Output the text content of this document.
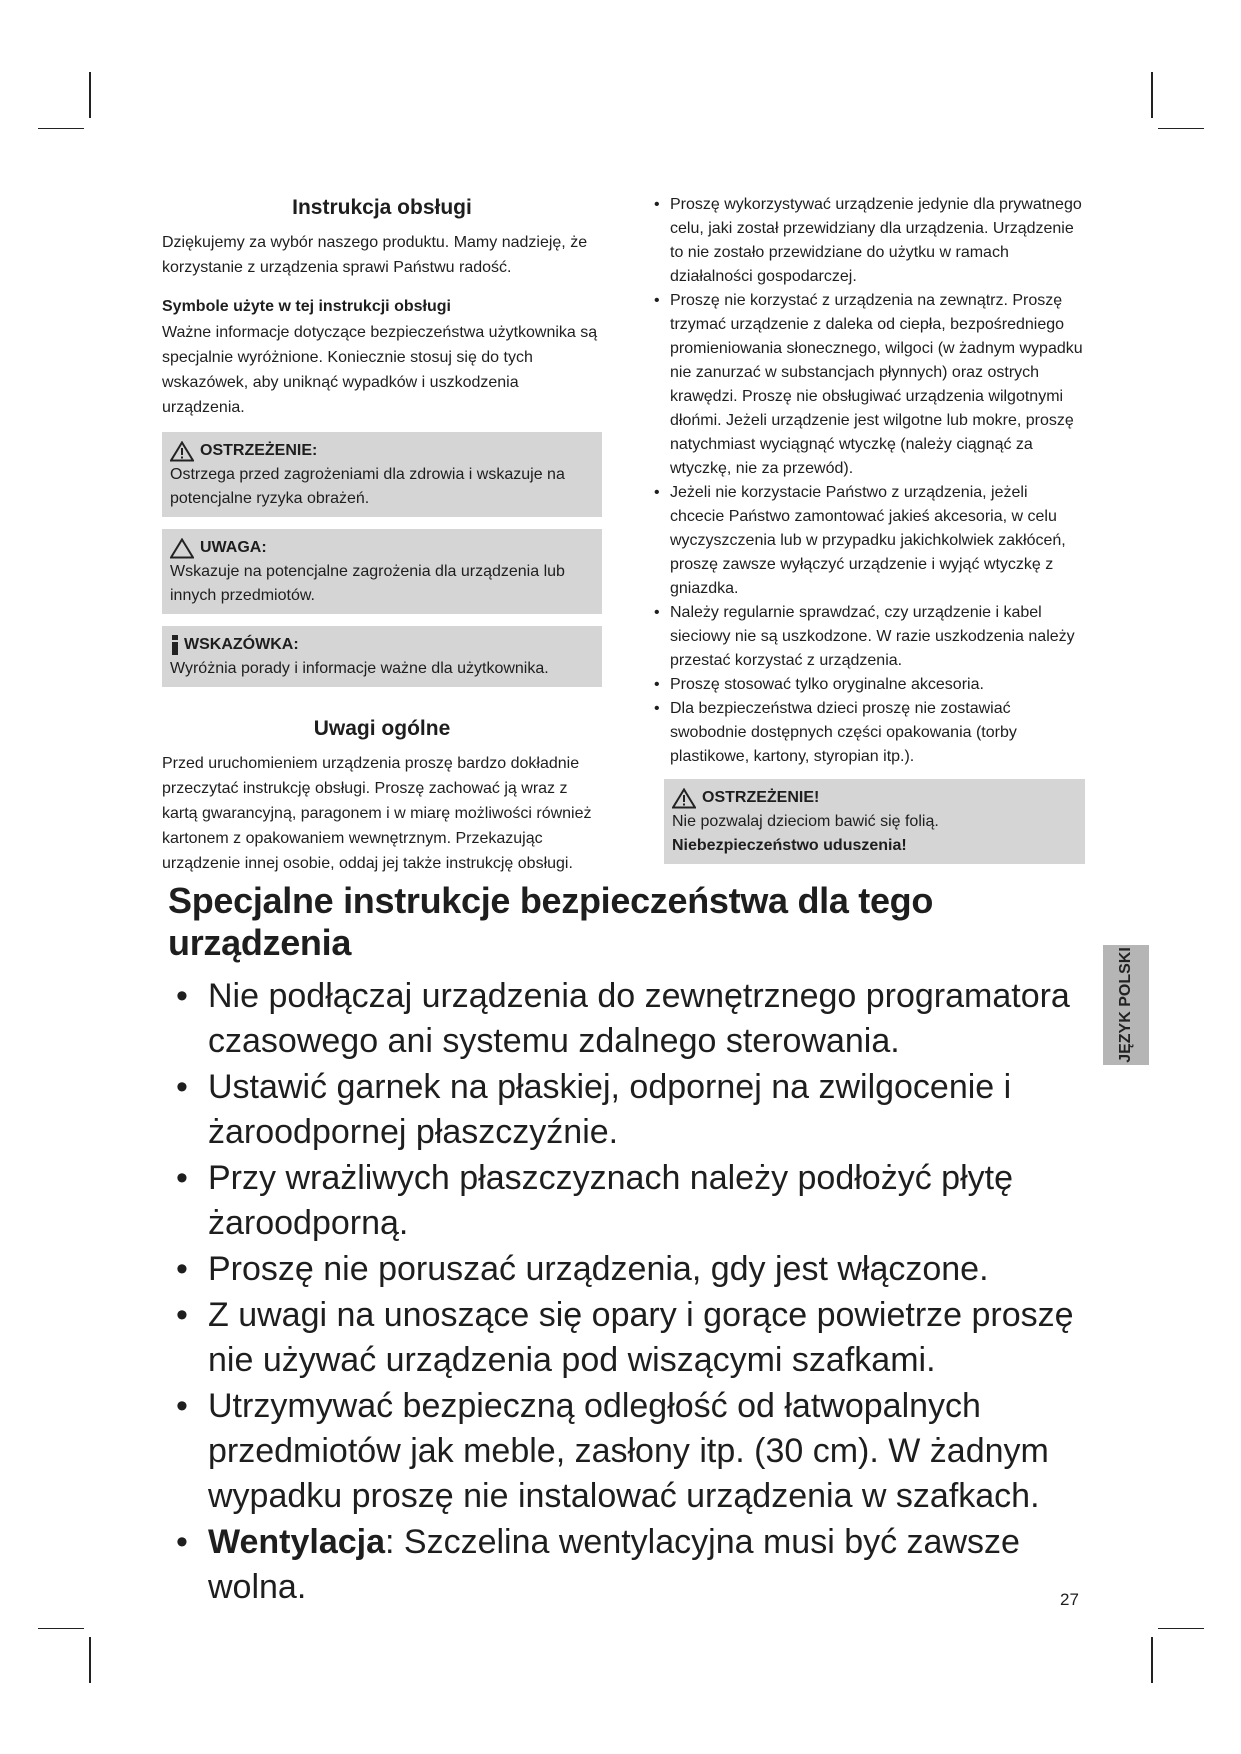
Instrukcja obsługi

Dziękujemy za wybór naszego produktu. Mamy nadzieję, że korzystanie z urządzenia sprawi Państwu radość.

Symbole użyte w tej instrukcji obsługi

Ważne informacje dotyczące bezpieczeństwa użytkownika są specjalnie wyróżnione. Koniecznie stosuj się do tych wskazówek, aby uniknąć wypadków i uszkodzenia urządzenia.

OSTRZEŻENIE:
Ostrzega przed zagrożeniami dla zdrowia i wskazuje na potencjalne ryzyka obrażeń.
UWAGA:
Wskazuje na potencjalne zagrożenia dla urządzenia lub innych przedmiotów.
WSKAZÓWKA:
Wyróżnia porady i informacje ważne dla użytkownika.
Uwagi ogólne

Przed uruchomieniem urządzenia proszę bardzo dokładnie przeczytać instrukcję obsługi. Proszę zachować ją wraz z kartą gwarancyjną, paragonem i w miarę możliwości również kartonem z opakowaniem wewnętrznym. Przekazując urządzenie innej osobie, oddaj jej także instrukcję obsługi.

• Proszę wykorzystywać urządzenie jedynie dla prywatnego celu, jaki został przewidziany dla urządzenia. Urządzenie to nie zostało przewidziane do użytku w ramach działalności gospodarczej.
• Proszę nie korzystać z urządzenia na zewnątrz. Proszę trzymać urządzenie z daleka od ciepła, bezpośredniego promieniowania słonecznego, wilgoci (w żadnym wypadku nie zanurzać w substancjach płynnych) oraz ostrych krawędzi. Proszę nie obsługiwać urządzenia wilgotnymi dłońmi. Jeżeli urządzenie jest wilgotne lub mokre, proszę natychmiast wyciągnąć wtyczkę (należy ciągnąć za wtyczkę, nie za przewód).
• Jeżeli nie korzystacie Państwo z urządzenia, jeżeli chcecie Państwo zamontować jakieś akcesoria, w celu wyczyszczenia lub w przypadku jakichkolwiek zakłóceń, proszę zawsze wyłączyć urządzenie i wyjąć wtyczkę z gniazdka.
• Należy regularnie sprawdzać, czy urządzenie i kabel sieciowy nie są uszkodzone. W razie uszkodzenia należy przestać korzystać z urządzenia.
• Proszę stosować tylko oryginalne akcesoria.
• Dla bezpieczeństwa dzieci proszę nie zostawiać swobodnie dostępnych części opakowania (torby plastikowe, kartony, styropian itp.).
OSTRZEŻENIE!
Nie pozwalaj dzieciom bawić się folią. Niebezpieczeństwo uduszenia!
Specjalne instrukcje bezpieczeństwa dla tego urządzenia
• Nie podłączaj urządzenia do zewnętrznego programatora czasowego ani systemu zdalnego sterowania.
• Ustawić garnek na płaskiej, odpornej na zwilgocenie i żaroodpornej płaszczyźnie.
• Przy wrażliwych płaszczyznach należy podłożyć płytę żaroodporną.
• Proszę nie poruszać urządzenia, gdy jest włączone.
• Z uwagi na unoszące się opary i gorące powietrze proszę nie używać urządzenia pod wiszącymi szafkami.
• Utrzymywać bezpieczną odległość od łatwopalnych przedmiotów jak meble, zasłony itp. (30 cm). W żadnym wypadku proszę nie instalować urządzenia w szafkach.
• Wentylacja: Szczelina wentylacyjna musi być zawsze wolna.
JĘZYK POLSKI
27
